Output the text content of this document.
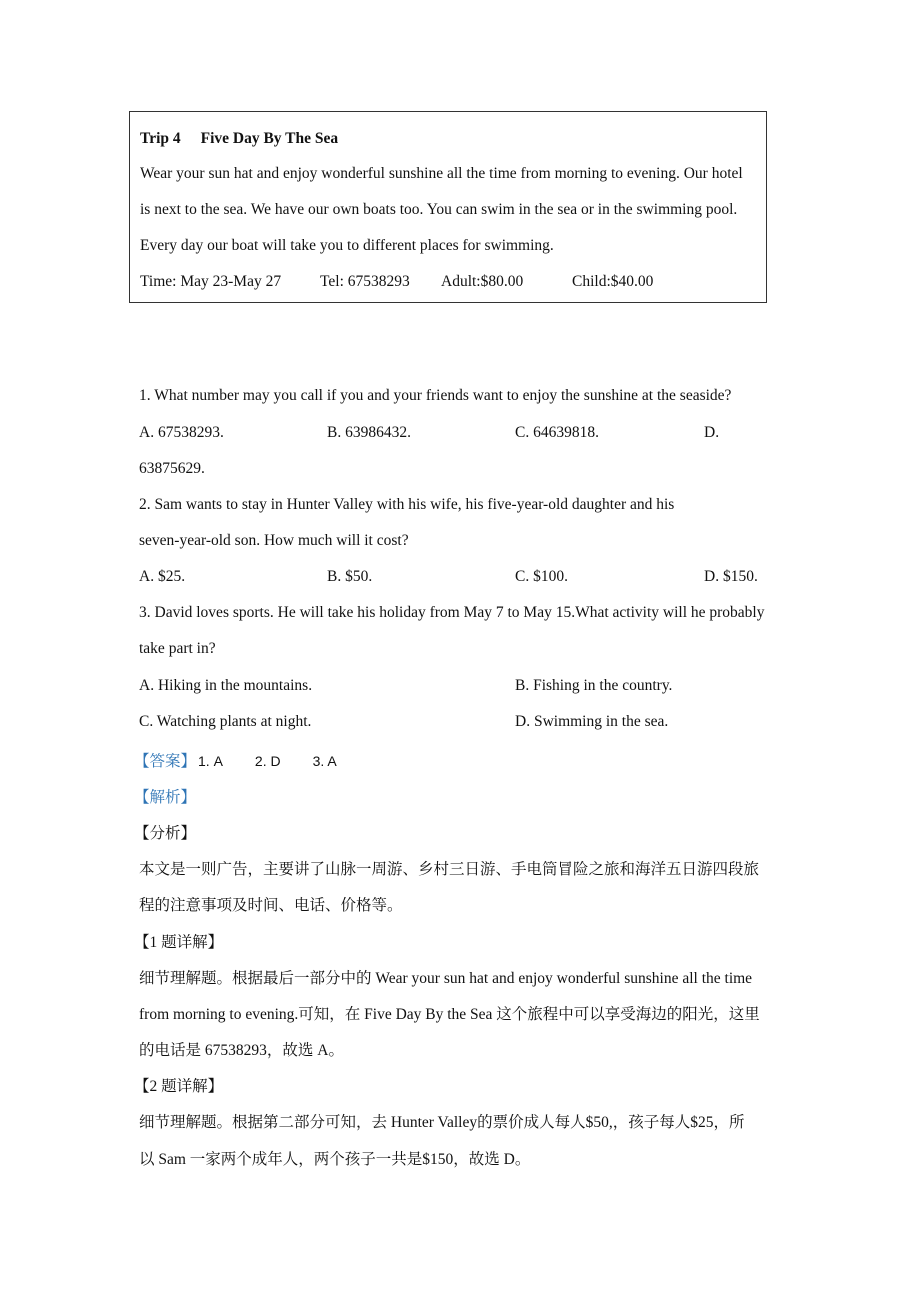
Trip 4 Five Day By The Sea
Wear your sun hat and enjoy wonderful sunshine all the time from morning to evening. Our hotel
is next to the sea. We have our own boats too. You can swim in the sea or in the swimming pool.
Every day our boat will take you to different places for swimming.
Time: May 23-May 27	Tel: 67538293 Adult:$80.00	Child:$40.00
1. What number may you call if you and your friends want to enjoy the sunshine at the seaside?
A. 67538293.	B. 63986432.	C. 64639818.	D.
63875629.
2. Sam wants to stay in Hunter Valley with his wife, his five-year-old daughter and his
seven-year-old son. How much will it cost?
A. $25.	B. $50.	C. $100.	D. $150.
3. David loves sports. He will take his holiday from May 7 to May 15.What activity will he probably
take part in?
A. Hiking in the mountains.	B. Fishing in the country.
C. Watching plants at night.	D. Swimming in the sea.
【答案】 1. A 2. D 3. A
【解析】
【分析】
本文是一则广告，主要讲了山脉一周游、乡村三日游、手电筒冒险之旅和海洋五日游四段旅
程的注意事项及时间、电话、价格等。
【1 题详解】
细节理解题。根据最后一部分中的 Wear your sun hat and enjoy wonderful sunshine all the time
from morning to evening.可知，在 Five Day By the Sea 这个旅程中可以享受海边的阳光，这里
的电话是 67538293，故选 A。
【2 题详解】
细节理解题。根据第二部分可知，去 Hunter Valley的票价成人每人$50,，孩子每人$25，所
以 Sam 一家两个成年人，两个孩子一共是$150，故选 D。
